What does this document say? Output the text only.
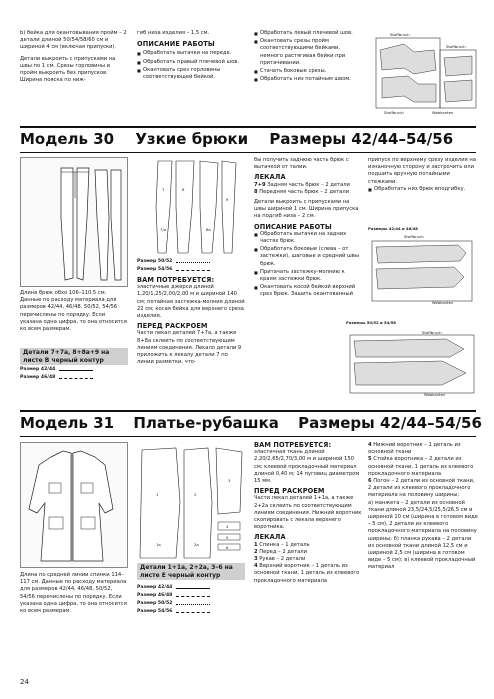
b) бейка для окантовывания пройм – 2 детали длиной 50/54/58/60 см и шириной 4 см (включая припуски).

Детали выкроить с припусками на швы по 1 см. Срезы горловины и пройм выкроить без припусков. Ширина пояска по ниж-

гиб низа изделия – 1,5 см.

ОПИСАНИЕ РАБОТЫ
■ Обработать вытачки на переде.
■ Обработать правый плечевой шов.
■ Окантовать срез горловины соответствующей бейкой.
■ Обработать левый плечевой шов.
■ Окантовать срезы пройм соответствующими бейками, немного растягивая бейки при притачивании.
■ Стачать боковые срезы.
■ Обработать низ потайным швом.
Stoffbruch
Stoffbruch
Stoffbruch	Webkanten
Модель 30 Узкие брюки Размеры 42/44–54/56
Длина брюк обхо 106–110,5 см. Данные по расходу материала для размеров 42/44, 46/48, 50/52, 54/56 перечислены по порядку. Если указана одна цифра, то она относится ко всем размерам.
Детали 7+7а, 8+8а+9 на листе В черный контур
Размер 42/44
Размер 46/48
7
7/a
8
8a
9
Размер 50/52
Размер 54/56
ВАМ ПОТРЕБУЕТСЯ:

эластичные джерси длиной 1,20/1,25/2,00/2,00 м и шириной 140 см; потайная застежка-молния длиной 22 см; косая бейка для верхнего среза изделия.

ПЕРЕД РАСКРОЕМ

Части лекал деталей 7+7а, а также 8+8а склеить по соответствующим линиям соединения. Лекало детали 9 приложить к лекалу детали 7 по линии разметки, что-

бы получить заднюю часть брюк с вытачкой от талии.

ЛЕКАЛА

7+9 Задняя часть брюк – 2 детали

8 Передняя часть брюк – 2 детали

Детали выкроить с припусками на швы шириной 1 см. Ширина припуска на подгиб низа – 2 см.

ОПИСАНИЕ РАБОТЫ
■ Обработать вытачки на задних частях брюк.
■ Обработать боковые (слева – от застежки), шаговые и средний швы брюк.
■ Притачать застежку-молнию к краям застежки брюк.
■ Окантовать косой бейкой верхний срез брюк. Зашить окантованный

припуск по верхнему срезу изделия на изнаночную сторону и застрочить или подшить вручную потайными стежками.

■ Обработать низ брюк вподгибку.
Размеры 42/44 и 46/48
Stoffbruch
Webkanten
Размеры 50/52 и 54/56
Stoffbruch
Webkanten
Модель 31 Платье-рубашка Размеры 42/44–54/56
Длина по средней линии спинки 114–117 см. Данные по расходу материала для размеров 42/44, 46/48, 50/52, 54/56 перечислены по порядку. Если указана одна цифра, то она относится ко всем размерам.
1
1a
2
2a
3
4
5
6
Детали 1+1а, 2+2а, 3–6 на листе Е черный контур
Размер 42/44
Размер 46/48
Размер 50/52
Размер 54/56
ВАМ ПОТРЕБУЕТСЯ:

эластичная ткань длиной 2,20/2,65/2,70/3,00 м и шириной 150 см; клеевой прокладочный материал длиной 0,40 м; 14 пуговиц диаметром 15 мм.

ПЕРЕД РАСКРОЕМ

Части лекал деталей 1+1а, а также 2+2а склеить по соответствующим линиям соединения. Нижний воротник скопировать с лекала верхнего воротника.

ЛЕКАЛА

1 Спинка – 1 деталь

2 Перед – 2 детали

3 Рукав – 2 детали

4 Верхний воротник – 1 деталь из основной ткани, 1 деталь из клеевого прокладочного материала

4 Нижний воротник – 1 деталь из основной ткани

5 Стойка воротника – 2 детали из основной ткани, 1 деталь из клеевого прокладочного материала

6 Погон – 2 детали из основной ткани, 2 детали из клеевого прокладочного материала на половину ширины;

а) манжета – 2 детали из основной ткани длиной 23,5/24,5/25,5/26,5 см и шириной 10 см (ширина в готовом виде – 5 см), 2 детали из клеевого прокладочного материала на половину ширины; б) планка рукава – 2 детали из основной ткани длиной 12,5 см и шириной 2,5 см (ширина в готовом виде – 5 см); в) клеевой прокладочный материал

24
